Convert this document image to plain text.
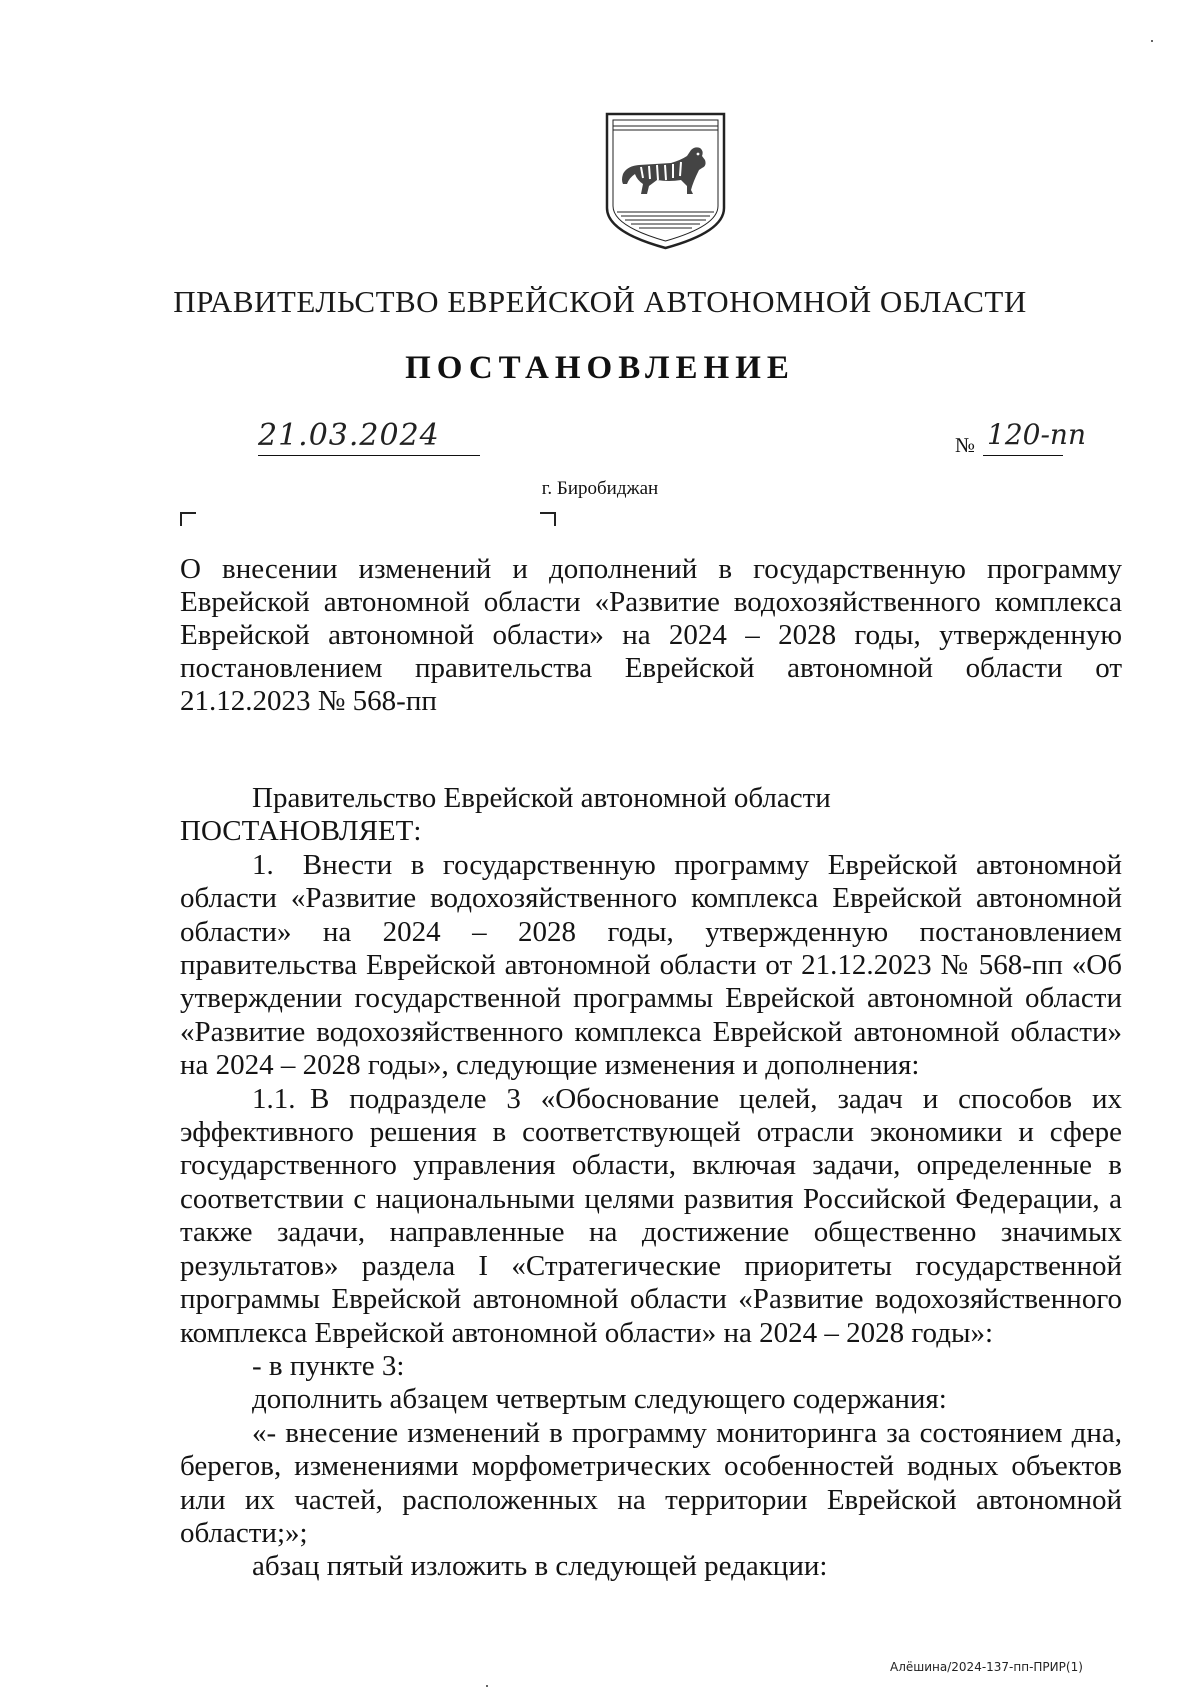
ПРАВИТЕЛЬСТВО ЕВРЕЙСКОЙ АВТОНОМНОЙ ОБЛАСТИ
ПОСТАНОВЛЕНИЕ
21.03.2024	№ 120-пп
г. Биробиджан
О внесении изменений и дополнений в государственную программу Еврейской автономной области «Развитие водохозяйственного комплекса Еврейской автономной области» на 2024 – 2028 годы, утвержденную постановлением правительства Еврейской автономной области от 21.12.2023 № 568-пп

Правительство Еврейской автономной области

ПОСТАНОВЛЯЕТ:

1. Внести в государственную программу Еврейской автономной области «Развитие водохозяйственного комплекса Еврейской автономной области» на 2024 – 2028 годы, утвержденную постановлением правительства Еврейской автономной области от 21.12.2023 № 568-пп «Об утверждении государственной программы Еврейской автономной области «Развитие водохозяйственного комплекса Еврейской автономной области» на 2024 – 2028 годы», следующие изменения и дополнения:

1.1. В подразделе 3 «Обоснование целей, задач и способов их эффективного решения в соответствующей отрасли экономики и сфере государственного управления области, включая задачи, определенные в соответствии с национальными целями развития Российской Федерации, а также задачи, направленные на достижение общественно значимых результатов» раздела I «Стратегические приоритеты государственной программы Еврейской автономной области «Развитие водохозяйственного комплекса Еврейской автономной области» на 2024 – 2028 годы»:

- в пункте 3:

дополнить абзацем четвертым следующего содержания:

«- внесение изменений в программу мониторинга за состоянием дна, берегов, изменениями морфометрических особенностей водных объектов или их частей, расположенных на территории Еврейской автономной области;»;

абзац пятый изложить в следующей редакции:

Алёшина/2024-137-пп-ПРИР(1)
